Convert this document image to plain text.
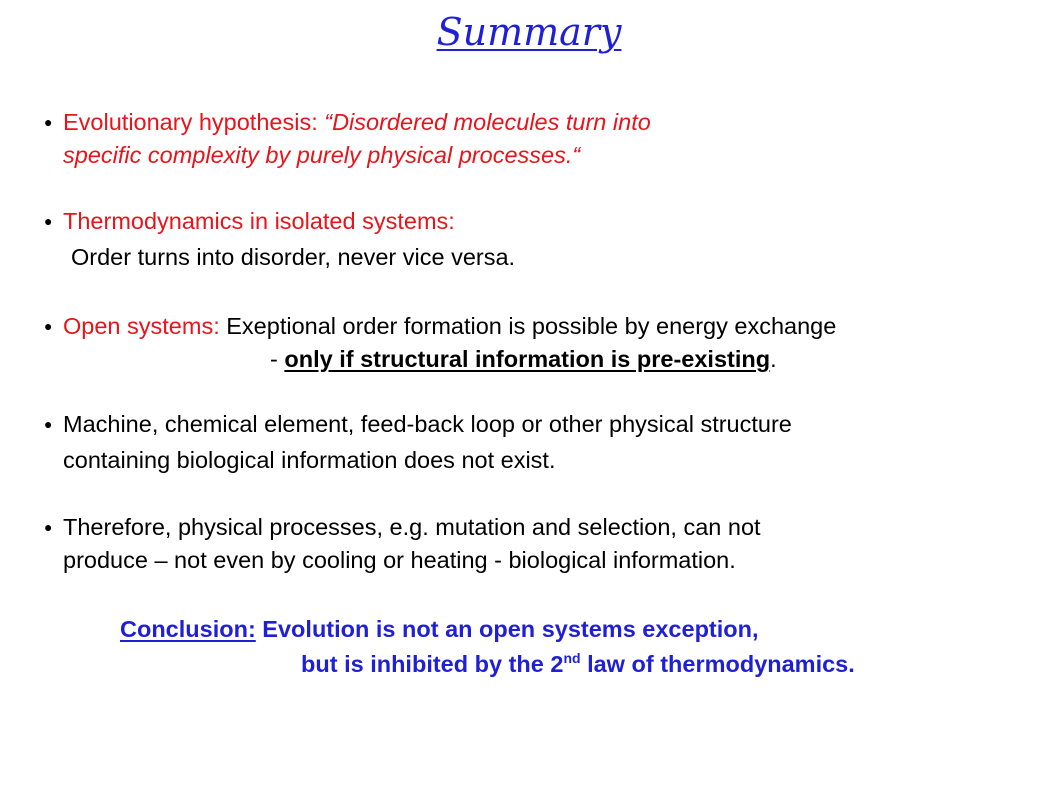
Summary
● Evolutionary hypothesis: “Disordered molecules turn into
specific complexity by purely physical processes.“
● Thermodynamics in isolated systems:
Order turns into disorder, never vice versa.
● Open systems: Exeptional order formation is possible by energy exchange
- only if structural information is pre-existing.
● Machine, chemical element, feed-back loop or other physical structure
containing biological information does not exist.
● Therefore, physical processes, e.g. mutation and selection, can not
produce – not even by cooling or heating - biological information.
Conclusion: Evolution is not an open systems exception,
but is inhibited by the 2nd law of thermodynamics.
